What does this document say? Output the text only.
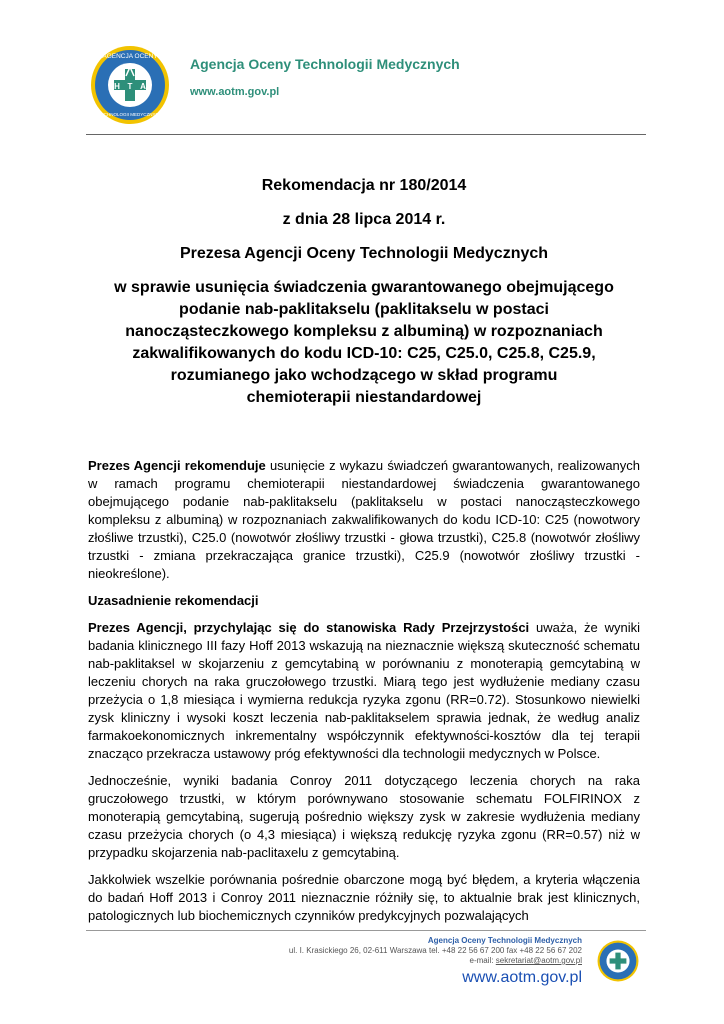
H T A
AGENCJA OCENY
TECHNOLOGII MEDYCZNYCH
Agencja Oceny Technologii Medycznych
www.aotm.gov.pl
Rekomendacja nr 180/2014
z dnia 28 lipca 2014 r.
Prezesa Agencji Oceny Technologii Medycznych
w sprawie usunięcia świadczenia gwarantowanego obejmującego
podanie nab-paklitakselu (paklitakselu w postaci
nanocząsteczkowego kompleksu z albuminą) w rozpoznaniach
zakwalifikowanych do kodu ICD-10: C25, C25.0, C25.8, C25.9,
rozumianego jako wchodzącego w skład programu
chemioterapii niestandardowej

Prezes Agencji rekomenduje usunięcie z wykazu świadczeń gwarantowanych, realizowanych w ramach programu chemioterapii niestandardowej świadczenia gwarantowanego obejmującego podanie nab-paklitakselu (paklitakselu w postaci nanocząsteczkowego kompleksu z albuminą) w rozpoznaniach zakwalifikowanych do kodu ICD-10: C25 (nowotwory złośliwe trzustki), C25.0 (nowotwór złośliwy trzustki - głowa trzustki), C25.8 (nowotwór złośliwy trzustki - zmiana przekraczająca granice trzustki), C25.9 (nowotwór złośliwy trzustki - nieokreślone).

Uzasadnienie rekomendacji

Prezes Agencji, przychylając się do stanowiska Rady Przejrzystości uważa, że wyniki badania klinicznego III fazy Hoff 2013 wskazują na nieznacznie większą skuteczność schematu nab-paklitaksel w skojarzeniu z gemcytabiną w porównaniu z monoterapią gemcytabiną w leczeniu chorych na raka gruczołowego trzustki. Miarą tego jest wydłużenie mediany czasu przeżycia o 1,8 miesiąca i wymierna redukcja ryzyka zgonu (RR=0.72). Stosunkowo niewielki zysk kliniczny i wysoki koszt leczenia nab-paklitakselem sprawia jednak, że według analiz farmakoekonomicznych inkrementalny współczynnik efektywności-kosztów dla tej terapii znacząco przekracza ustawowy próg efektywności dla technologii medycznych w Polsce.

Jednocześnie, wyniki badania Conroy 2011 dotyczącego leczenia chorych na raka gruczołowego trzustki, w którym porównywano stosowanie schematu FOLFIRINOX z monoterapią gemcytabiną, sugerują pośrednio większy zysk w zakresie wydłużenia mediany czasu przeżycia chorych (o 4,3 miesiąca) i większą redukcję ryzyka zgonu (RR=0.57) niż w przypadku skojarzenia nab-paclitaxelu z gemcytabiną.

Jakkolwiek wszelkie porównania pośrednie obarczone mogą być błędem, a kryteria włączenia do badań Hoff 2013 i Conroy 2011 nieznacznie różniły się, to aktualnie brak jest klinicznych, patologicznych lub biochemicznych czynników predykcyjnych pozwalających

Agencja Oceny Technologii Medycznych
ul. I. Krasickiego 26, 02-611 Warszawa tel. +48 22 56 67 200 fax +48 22 56 67 202
e-mail: sekretariat@aotm.gov.pl
www.aotm.gov.pl
